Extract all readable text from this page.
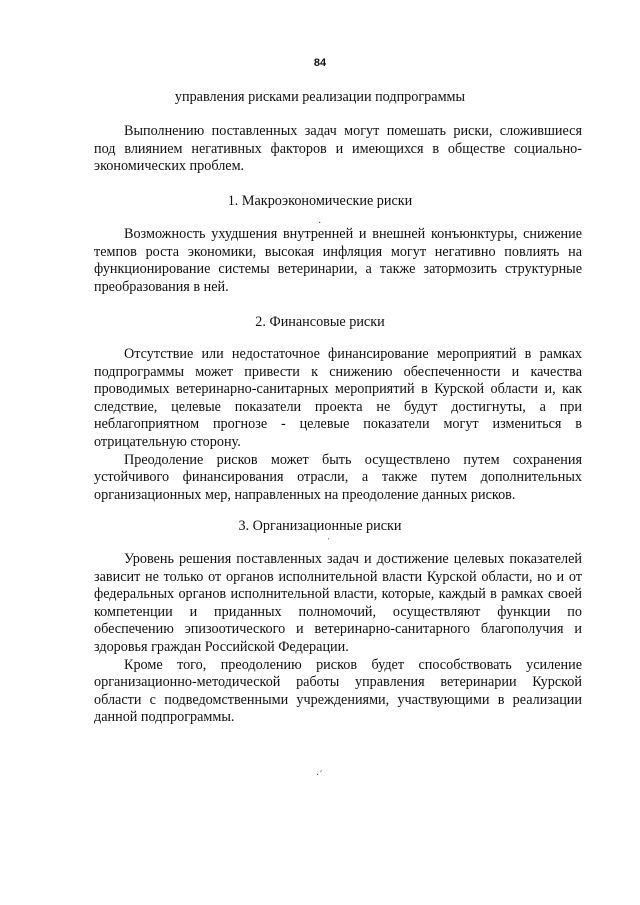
84
управления рисками реализации подпрограммы

Выполнению поставленных задач могут помешать риски, сложившиеся под влиянием негативных факторов и имеющихся в обществе социально-экономических проблем.

1. Макроэкономические риски

Возможность ухудшения внутренней и внешней конъюнктуры, снижение темпов роста экономики, высокая инфляция могут негативно повлиять на функционирование системы ветеринарии, а также затормозить структурные преобразования в ней.

2. Финансовые риски

Отсутствие или недостаточное финансирование мероприятий в рамках подпрограммы может привести к снижению обеспеченности и качества проводимых ветеринарно-санитарных мероприятий в Курской области и, как следствие, целевые показатели проекта не будут достигнуты, а при неблагоприятном прогнозе - целевые показатели могут измениться в отрицательную сторону.

Преодоление рисков может быть осуществлено путем сохранения устойчивого финансирования отрасли, а также путем дополнительных организационных мер, направленных на преодоление данных рисков.

3. Организационные риски

Уровень решения поставленных задач и достижение целевых показателей зависит не только от органов исполнительной власти Курской области, но и от федеральных органов исполнительной власти, которые, каждый в рамках своей компетенции и приданных полномочий, осуществляют функции по обеспечению эпизоотического и ветеринарно-санитарного благополучия и здоровья граждан Российской Федерации.

Кроме того, преодолению рисков будет способствовать усиление организационно-методической работы управления ветеринарии Курской области с подведомственными учреждениями, участвующими в реализации данной подпрограммы.

·
ˈ
·ˊ
